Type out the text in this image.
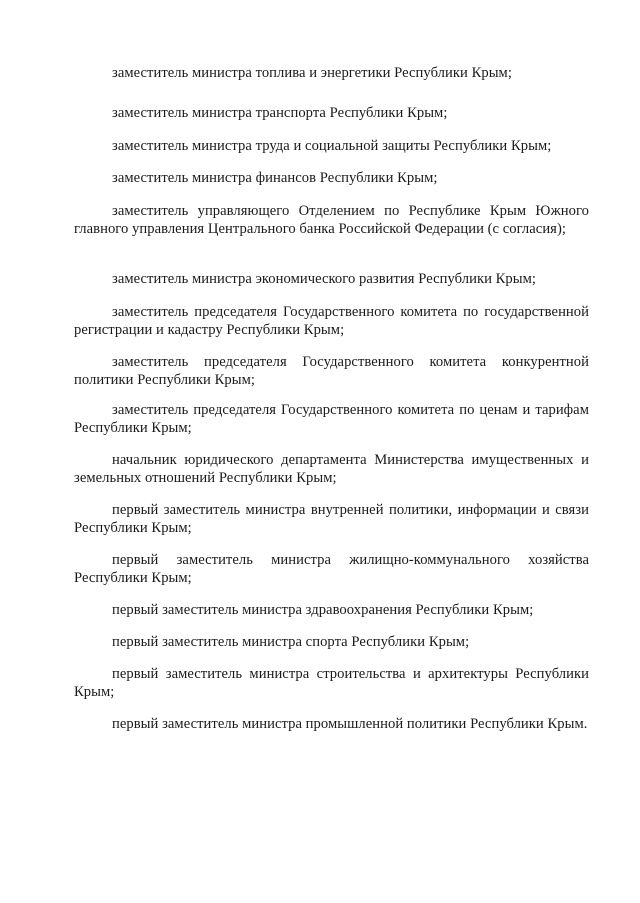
заместитель министра топлива и энергетики Республики Крым;

заместитель министра транспорта Республики Крым;

заместитель министра труда и социальной защиты Республики Крым;

заместитель министра финансов Республики Крым;

заместитель управляющего Отделением по Республике Крым Южного главного управления Центрального банка Российской Федерации (с согласия);

заместитель министра экономического развития Республики Крым;

заместитель председателя Государственного комитета по государственной регистрации и кадастру Республики Крым;

заместитель председателя Государственного комитета конкурентной политики Республики Крым;

заместитель председателя Государственного комитета по ценам и тарифам Республики Крым;

начальник юридического департамента Министерства имущественных и земельных отношений Республики Крым;

первый заместитель министра внутренней политики, информации и связи Республики Крым;

первый заместитель министра жилищно-коммунального хозяйства Республики Крым;

первый заместитель министра здравоохранения Республики Крым;

первый заместитель министра спорта Республики Крым;

первый заместитель министра строительства и архитектуры Республики Крым;

первый заместитель министра промышленной политики Республики Крым.
